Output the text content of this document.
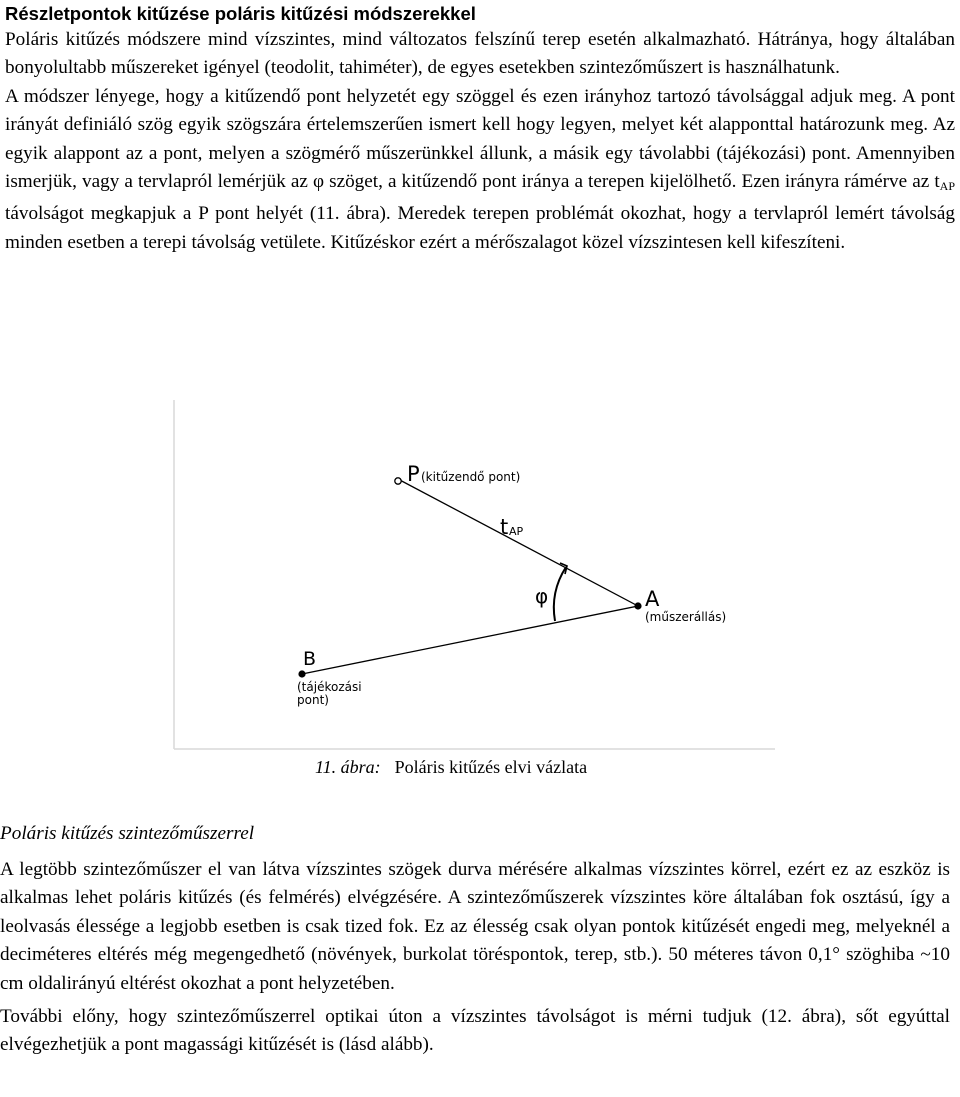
Részletpontok kitűzése poláris kitűzési módszerekkel

Poláris kitűzés módszere mind vízszintes, mind változatos felszínű terep esetén alkalmazható. Hátránya, hogy általában bonyolultabb műszereket igényel (teodolit, tahiméter), de egyes esetekben szintezőműszert is használhatunk.

A módszer lényege, hogy a kitűzendő pont helyzetét egy szöggel és ezen irányhoz tartozó távolsággal adjuk meg. A pont irányát definiáló szög egyik szögszára értelemszerűen ismert kell hogy legyen, melyet két alapponttal határozunk meg. Az egyik alappont az a pont, melyen a szögmérő műszerünkkel állunk, a másik egy távolabbi (tájékozási) pont. Amennyiben ismerjük, vagy a tervlapról lemérjük az φ szöget, a kitűzendő pont iránya a terepen kijelölhető. Ezen irányra rámérve az $t_{AP}$ távolságot megkapjuk a P pont helyét (11. ábra). Meredek terepen problémát okozhat, hogy a tervlapról lemért távolság minden esetben a terepi távolság vetülete. Kitűzéskor ezért a mérőszalagot közel vízszintesen kell kifeszíteni.

P (kitűzendő pont)
t AP
φ	A
(műszerállás)
B
(tájékozási
pont)
11. ábra: Poláris kitűzés elvi vázlata
Poláris kitűzés szintezőműszerrel

A legtöbb szintezőműszer el van látva vízszintes szögek durva mérésére alkalmas vízszintes körrel, ezért ez az eszköz is alkalmas lehet poláris kitűzés (és felmérés) elvégzésére. A szintezőműszerek vízszintes köre általában fok osztású, így a leolvasás élessége a legjobb esetben is csak tized fok. Ez az élesség csak olyan pontok kitűzését engedi meg, melyeknél a deciméteres eltérés még megengedhető (növények, burkolat töréspontok, terep, stb.). 50 méteres távon 0,1° szöghiba ~10 cm oldalirányú eltérést okozhat a pont helyzetében.

További előny, hogy szintezőműszerrel optikai úton a vízszintes távolságot is mérni tudjuk (12. ábra), sőt egyúttal elvégezhetjük a pont magassági kitűzését is (lásd alább).
